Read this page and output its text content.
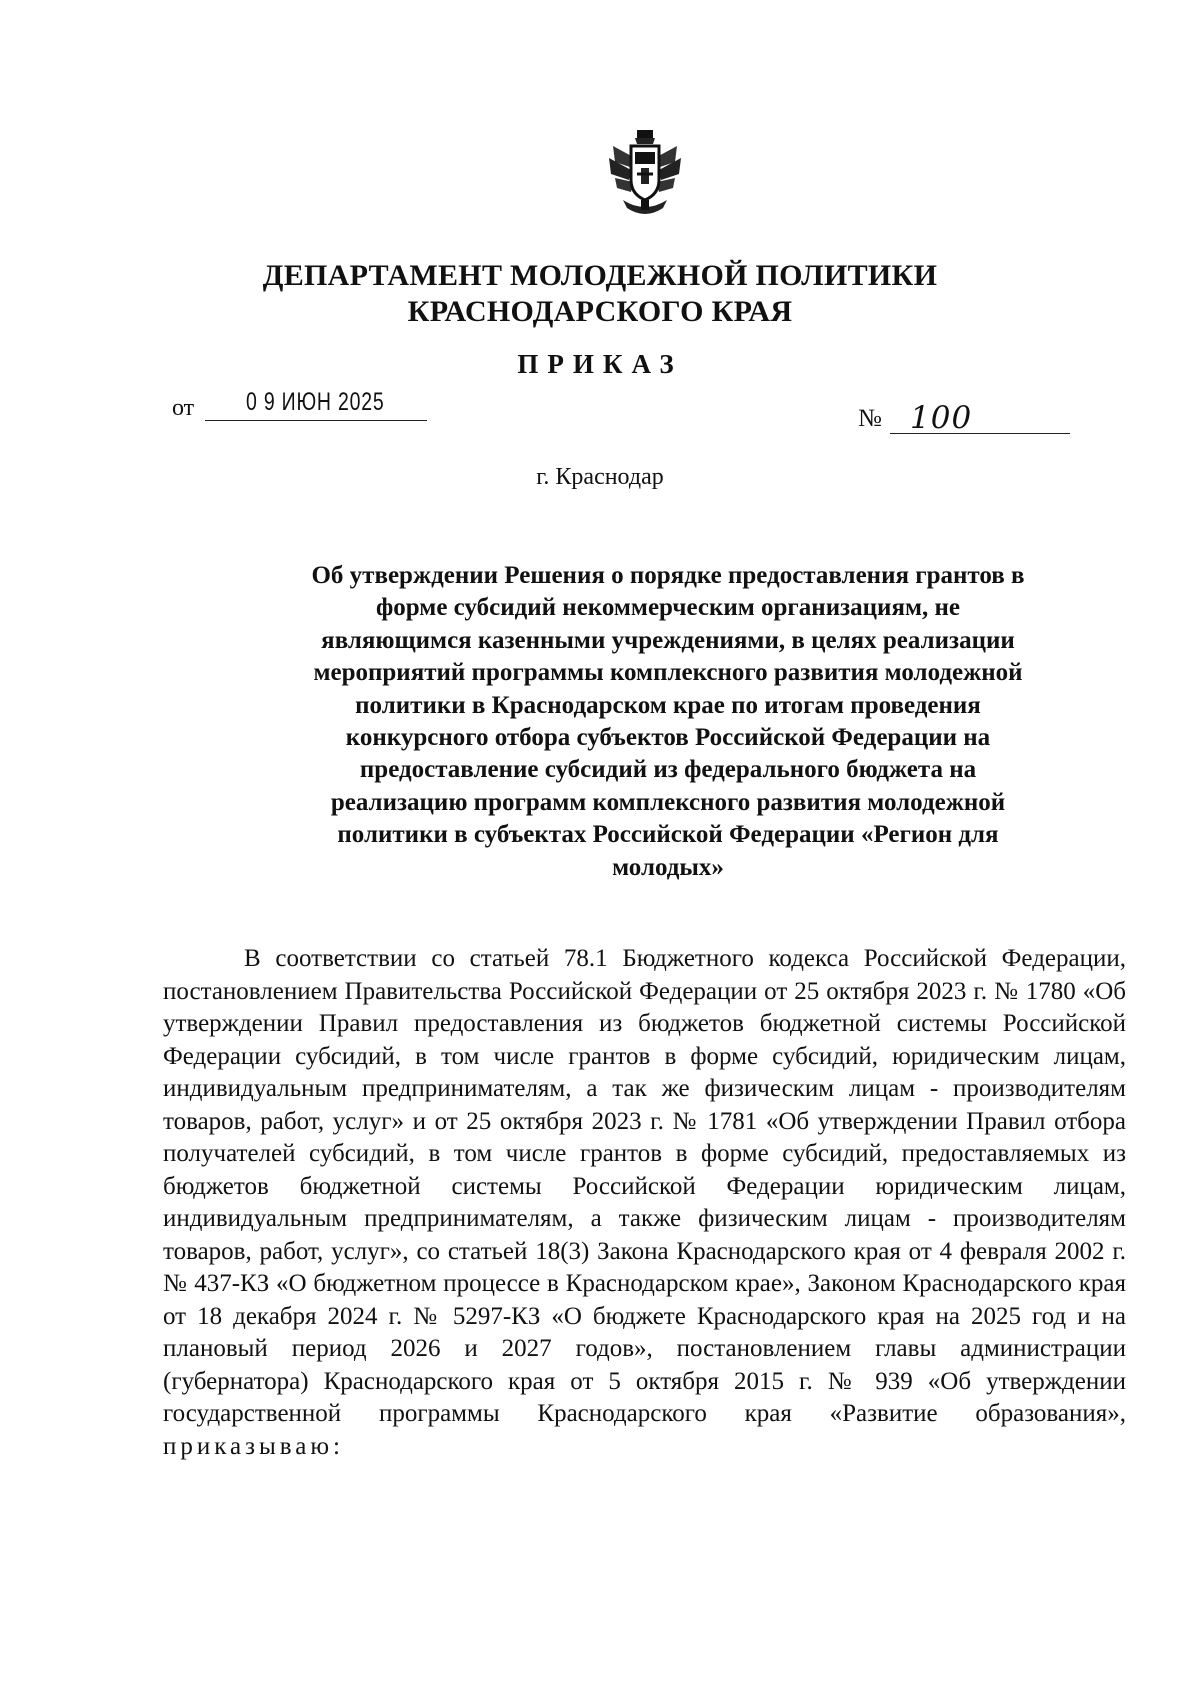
ДЕПАРТАМЕНТ МОЛОДЕЖНОЙ ПОЛИТИКИ
КРАСНОДАРСКОГО КРАЯ
ПРИКАЗ
от 0 9 ИЮН 2025
№ 100
г. Краснодар

Об утверждении Решения о порядке предоставления грантов в форме субсидий некоммерческим организациям, не являющимся казенными учреждениями, в целях реализации мероприятий программы комплексного развития молодежной политики в Краснодарском крае по итогам проведения конкурсного отбора субъектов Российской Федерации на предоставление субсидий из федерального бюджета на реализацию программ комплексного развития молодежной политики в субъектах Российской Федерации «Регион для молодых»

В соответствии со статьей 78.1 Бюджетного кодекса Российской Федерации, постановлением Правительства Российской Федерации от 25 октября 2023 г. № 1780 «Об утверждении Правил предоставления из бюджетов бюджетной системы Российской Федерации субсидий, в том числе грантов в форме субсидий, юридическим лицам, индивидуальным предпринимателям, а так же физическим лицам - производителям товаров, работ, услуг» и от 25 октября 2023 г. № 1781 «Об утверждении Правил отбора получателей субсидий, в том числе грантов в форме субсидий, предоставляемых из бюджетов бюджетной системы Российской Федерации юридическим лицам, индивидуальным предпринимателям, а также физическим лицам - производителям товаров, работ, услуг», со статьей 18(3) Закона Краснодарского края от 4 февраля 2002 г. № 437-КЗ «О бюджетном процессе в Краснодарском крае», Законом Краснодарского края от 18 декабря 2024 г. № 5297-КЗ «О бюджете Краснодарского края на 2025 год и на плановый период 2026 и 2027 годов», постановлением главы администрации (губернатора) Краснодарского края от 5 октября 2015 г. № 939 «Об утверждении государственной программы Краснодарского края «Развитие образования», приказываю:
